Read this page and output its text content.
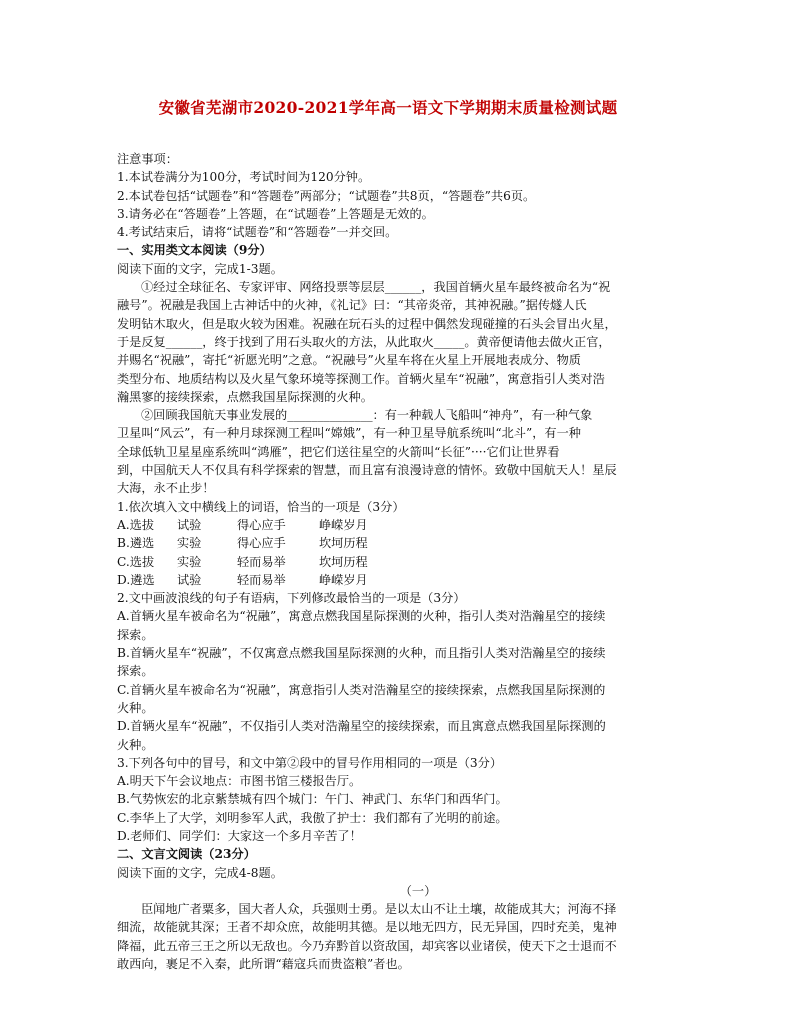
安徽省芜湖市2020-2021学年高一语文下学期期末质量检测试题
注意事项：
1.本试卷满分为100分，考试时间为120分钟。
2.本试卷包括“试题卷”和“答题卷”两部分；“试题卷”共8页，“答题卷”共6页。
3.请务必在“答题卷”上答题，在“试题卷”上答题是无效的。
4.考试结束后，请将“试题卷”和“答题卷”一并交回。
一、实用类文本阅读（9分）
阅读下面的文字，完成1-3题。
①经过全球征名、专家评审、网络投票等层层______，我国首辆火星车最终被命名为“祝
融号”。祝融是我国上古神话中的火神，《礼记》曰：“其帝炎帝，其神祝融。”据传燧人氏
发明钻木取火，但是取火较为困难。祝融在玩石头的过程中偶然发现碰撞的石头会冒出火星，
于是反复______，终于找到了用石头取火的方法，从此取火_____。黄帝便请他去做火正官，
并赐名“祝融”，寄托“祈愿光明”之意。“祝融号”火星车将在火星上开展地表成分、物质
类型分布、地质结构以及火星气象环境等探测工作。首辆火星车“祝融”，寓意指引人类对浩
瀚黑寥的接续探索，点燃我国星际探测的火种。
②回顾我国航天事业发展的______________：有一种载人飞船叫“神舟”，有一种气象
卫星叫“风云”，有一种月球探测工程叫“嫦娥”，有一种卫星导航系统叫“北斗”，有一种
全球低轨卫星星座系统叫“鸿雁”，把它们送往星空的火箭叫“长征”····它们让世界看
到，中国航天人不仅具有科学探索的智慧，而且富有浪漫诗意的情怀。致敬中国航天人！星辰
大海，永不止步！
1.依次填入文中横线上的词语，恰当的一项是（3分）
A.选拔	试验	得心应手	峥嵘岁月
B.遴选	实验	得心应手	坎坷历程
C.选拔	实验	轻而易举	坎坷历程
D.遴选	试验	轻而易举	峥嵘岁月
2.文中画波浪线的句子有语病，下列修改最恰当的一项是（3分）
A.首辆火星车被命名为“祝融”，寓意点燃我国星际探测的火种，指引人类对浩瀚星空的接续
探索。
B.首辆火星车“祝融”，不仅寓意点燃我国星际探测的火种，而且指引人类对浩瀚星空的接续
探索。
C.首辆火星车被命名为“祝融”，寓意指引人类对浩瀚星空的接续探索，点燃我国星际探测的
火种。
D.首辆火星车“祝融”，不仅指引人类对浩瀚星空的接续探索，而且寓意点燃我国星际探测的
火种。
3.下列各句中的冒号，和文中第②段中的冒号作用相同的一项是（3分）
A.明天下午会议地点：市图书馆三楼报告厅。
B.气势恢宏的北京紫禁城有四个城门：午门、神武门、东华门和西华门。
C.李华上了大学，刘明参军人武，我傲了护士：我们都有了光明的前途。
D.老师们、同学们：大家这一个多月辛苦了！
二、文言文阅读（23分）
阅读下面的文字，完成4-8题。
（一）
臣闻地广者粟多，国大者人众，兵强则士勇。是以太山不让土壤，故能成其大；河海不择
细流，故能就其深；王者不却众庶，故能明其德。是以地无四方，民无异国，四时充美，鬼神
降福，此五帝三王之所以无敌也。今乃弃黔首以资敌国，却宾客以业诸侯，使天下之士退而不
敢西向，裹足不入秦，此所谓“藉寇兵而贵盗粮”者也。
